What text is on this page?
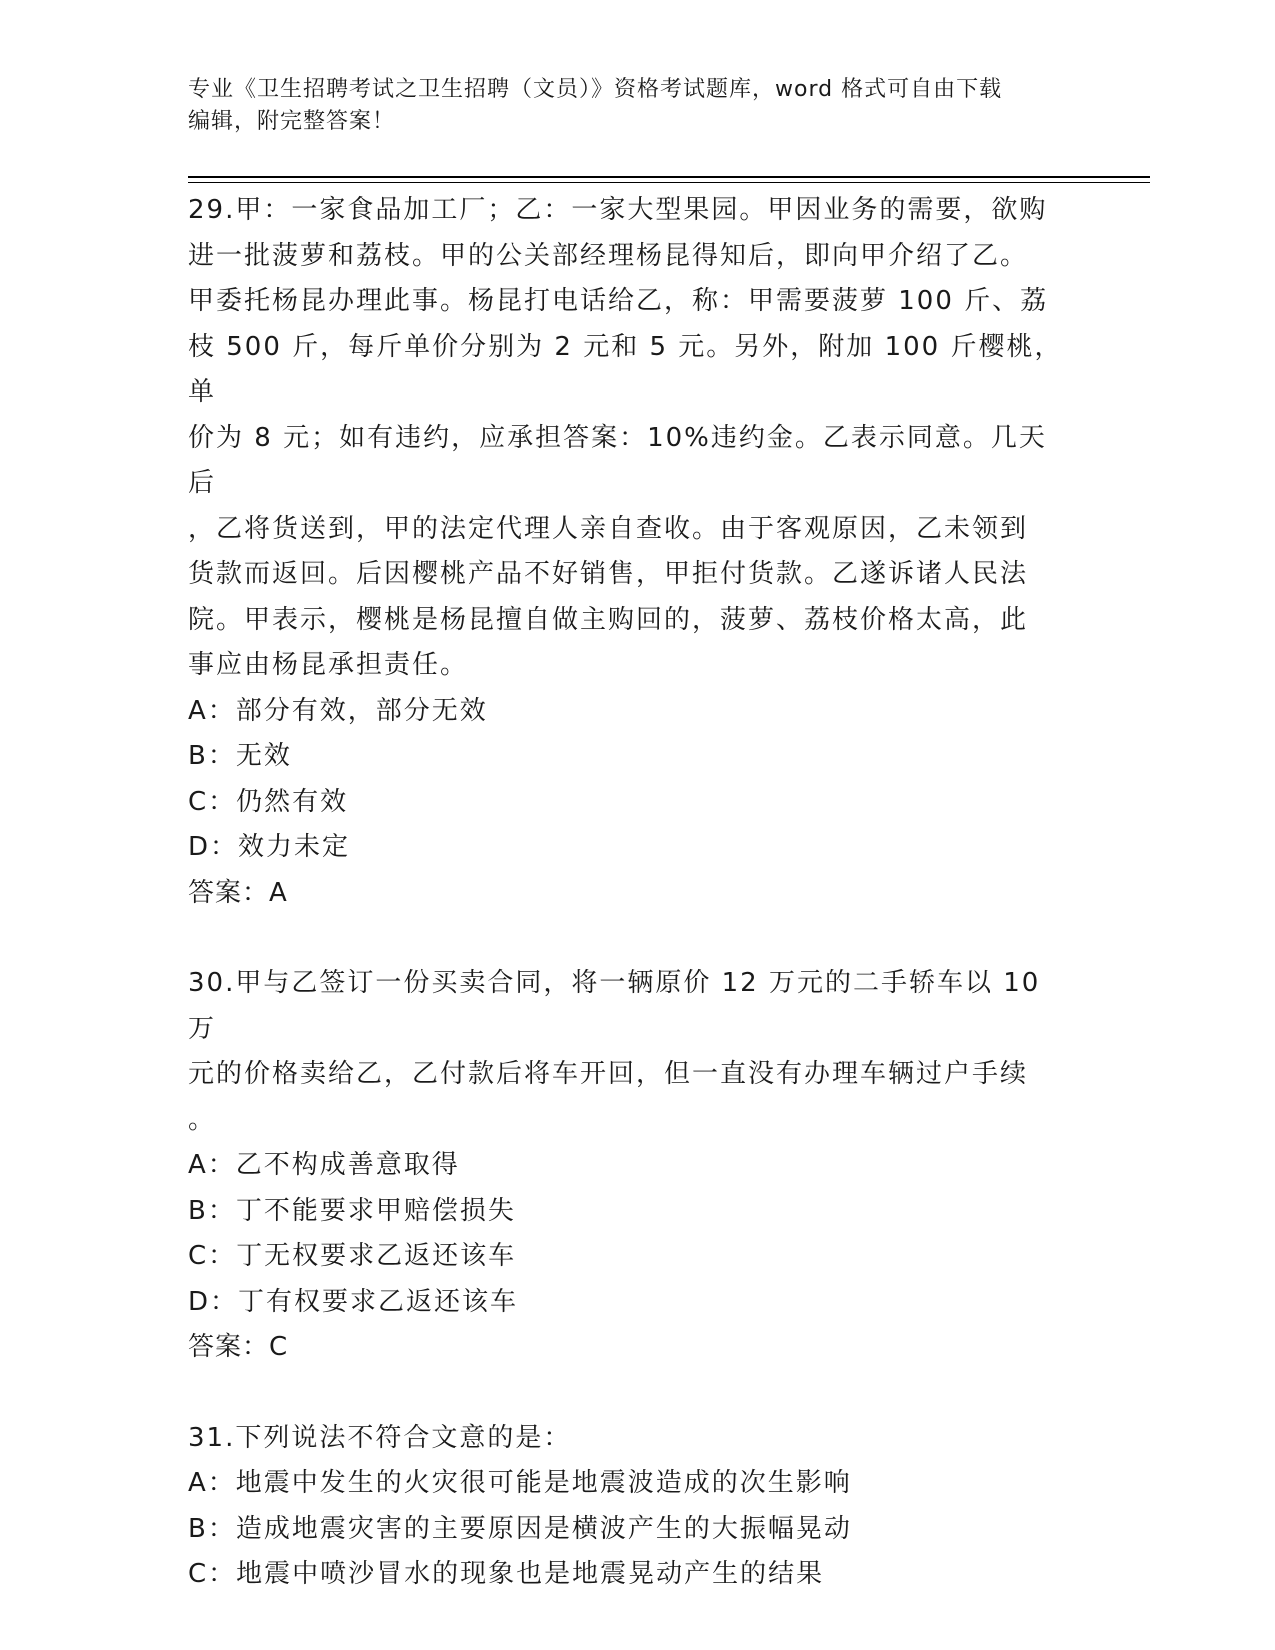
专业《卫生招聘考试之卫生招聘（文员）》资格考试题库，word 格式可自由下载
编辑，附完整答案！

29.甲：一家食品加工厂；乙：一家大型果园。甲因业务的需要，欲购

进一批菠萝和荔枝。甲的公关部经理杨昆得知后，即向甲介绍了乙。

甲委托杨昆办理此事。杨昆打电话给乙，称：甲需要菠萝 100 斤、荔

枝 500 斤，每斤单价分别为 2 元和 5 元。另外，附加 100 斤樱桃，单

价为 8 元；如有违约，应承担答案：10%违约金。乙表示同意。几天后

，乙将货送到，甲的法定代理人亲自查收。由于客观原因，乙未领到

货款而返回。后因樱桃产品不好销售，甲拒付货款。乙遂诉诸人民法

院。甲表示，樱桃是杨昆擅自做主购回的，菠萝、荔枝价格太高，此

事应由杨昆承担责任。

A：部分有效，部分无效

B：无效

C：仍然有效

D：效力未定

答案：A

30.甲与乙签订一份买卖合同，将一辆原价 12 万元的二手轿车以 10 万

元的价格卖给乙，乙付款后将车开回，但一直没有办理车辆过户手续

。

A：乙不构成善意取得

B：丁不能要求甲赔偿损失

C：丁无权要求乙返还该车

D：丁有权要求乙返还该车

答案：C

31.下列说法不符合文意的是：

A：地震中发生的火灾很可能是地震波造成的次生影响

B：造成地震灾害的主要原因是横波产生的大振幅晃动

C：地震中喷沙冒水的现象也是地震晃动产生的结果
